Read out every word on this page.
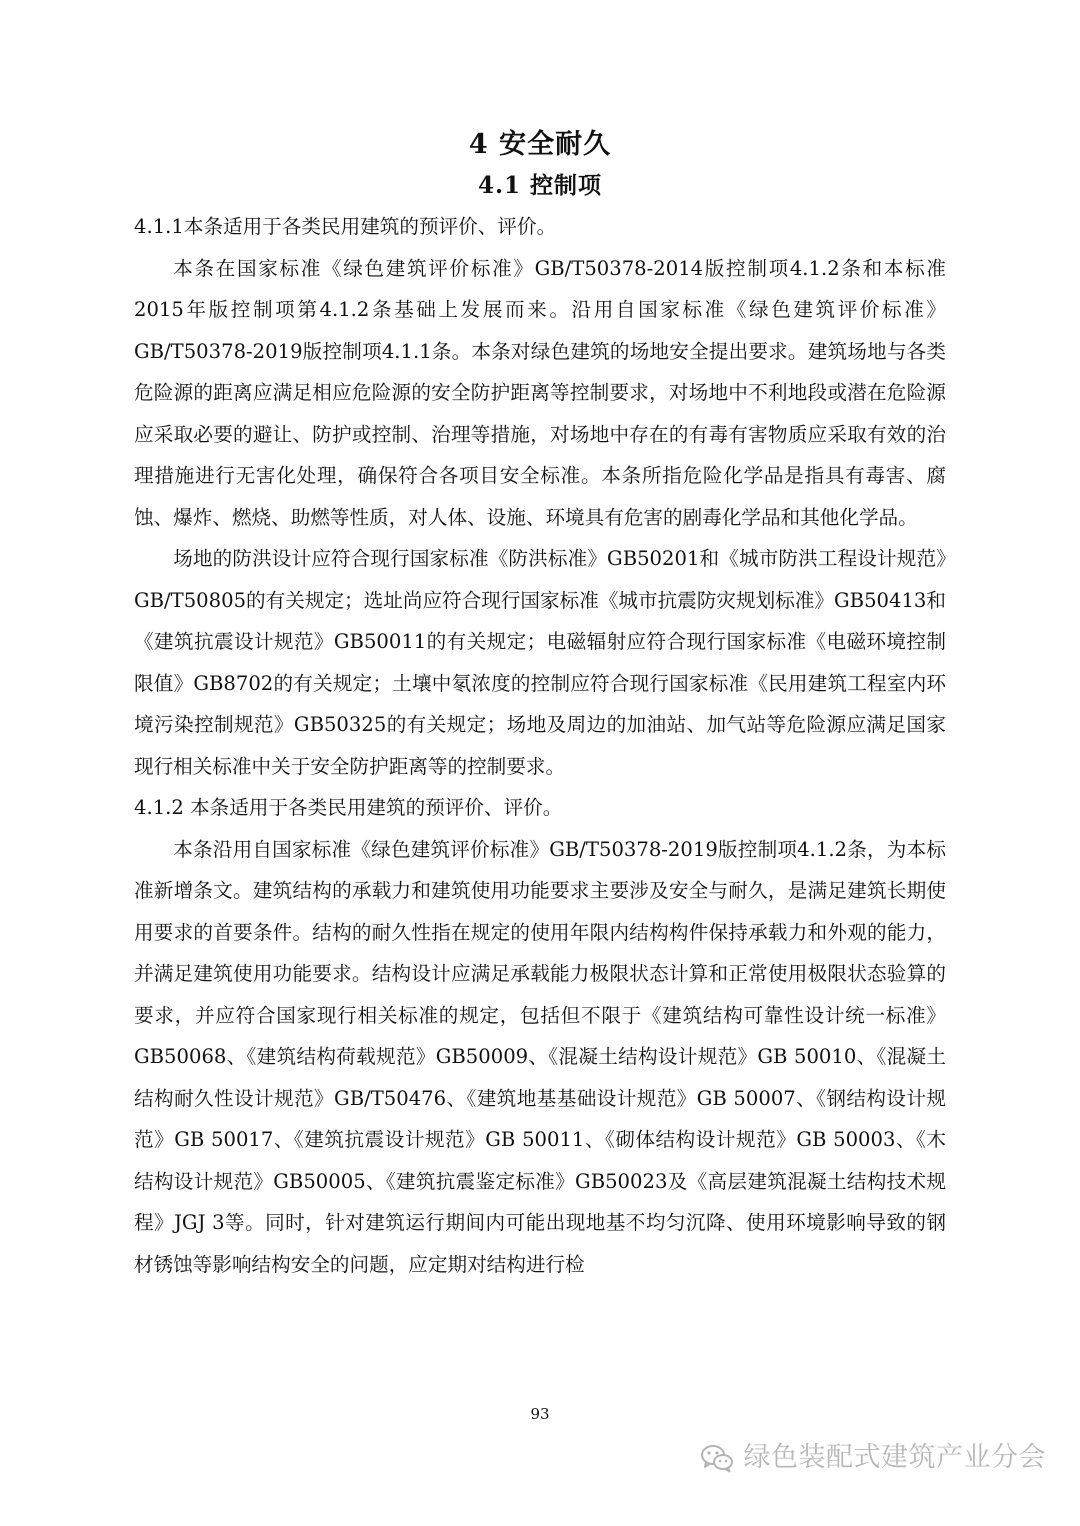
4 安全耐久
4.1 控制项

4.1.1本条适用于各类民用建筑的预评价、评价。

本条在国家标准《绿色建筑评价标准》GB/T50378-2014版控制项4.1.2条和本标准2015年版控制项第4.1.2条基础上发展而来。沿用自国家标准《绿色建筑评价标准》GB/T50378-2019版控制项4.1.1条。本条对绿色建筑的场地安全提出要求。建筑场地与各类危险源的距离应满足相应危险源的安全防护距离等控制要求，对场地中不利地段或潜在危险源应采取必要的避让、防护或控制、治理等措施，对场地中存在的有毒有害物质应采取有效的治理措施进行无害化处理，确保符合各项目安全标准。本条所指危险化学品是指具有毒害、腐蚀、爆炸、燃烧、助燃等性质，对人体、设施、环境具有危害的剧毒化学品和其他化学品。

场地的防洪设计应符合现行国家标准《防洪标准》GB50201和《城市防洪工程设计规范》GB/T50805的有关规定；选址尚应符合现行国家标准《城市抗震防灾规划标准》GB50413和《建筑抗震设计规范》GB50011的有关规定；电磁辐射应符合现行国家标准《电磁环境控制限值》GB8702的有关规定；土壤中氡浓度的控制应符合现行国家标准《民用建筑工程室内环境污染控制规范》GB50325的有关规定；场地及周边的加油站、加气站等危险源应满足国家现行相关标准中关于安全防护距离等的控制要求。

4.1.2 本条适用于各类民用建筑的预评价、评价。

本条沿用自国家标准《绿色建筑评价标准》GB/T50378-2019版控制项4.1.2条，为本标准新增条文。建筑结构的承载力和建筑使用功能要求主要涉及安全与耐久，是满足建筑长期使用要求的首要条件。结构的耐久性指在规定的使用年限内结构构件保持承载力和外观的能力，并满足建筑使用功能要求。结构设计应满足承载能力极限状态计算和正常使用极限状态验算的要求，并应符合国家现行相关标准的规定，包括但不限于《建筑结构可靠性设计统一标准》GB50068、《建筑结构荷载规范》GB50009、《混凝土结构设计规范》GB 50010、《混凝土结构耐久性设计规范》GB/T50476、《建筑地基基础设计规范》GB 50007、《钢结构设计规范》GB 50017、《建筑抗震设计规范》GB 50011、《砌体结构设计规范》GB 50003、《木结构设计规范》GB50005、《建筑抗震鉴定标准》GB50023及《高层建筑混凝土结构技术规程》JGJ 3等。同时，针对建筑运行期间内可能出现地基不均匀沉降、使用环境影响导致的钢材锈蚀等影响结构安全的问题，应定期对结构进行检

93
绿色装配式建筑产业分会
